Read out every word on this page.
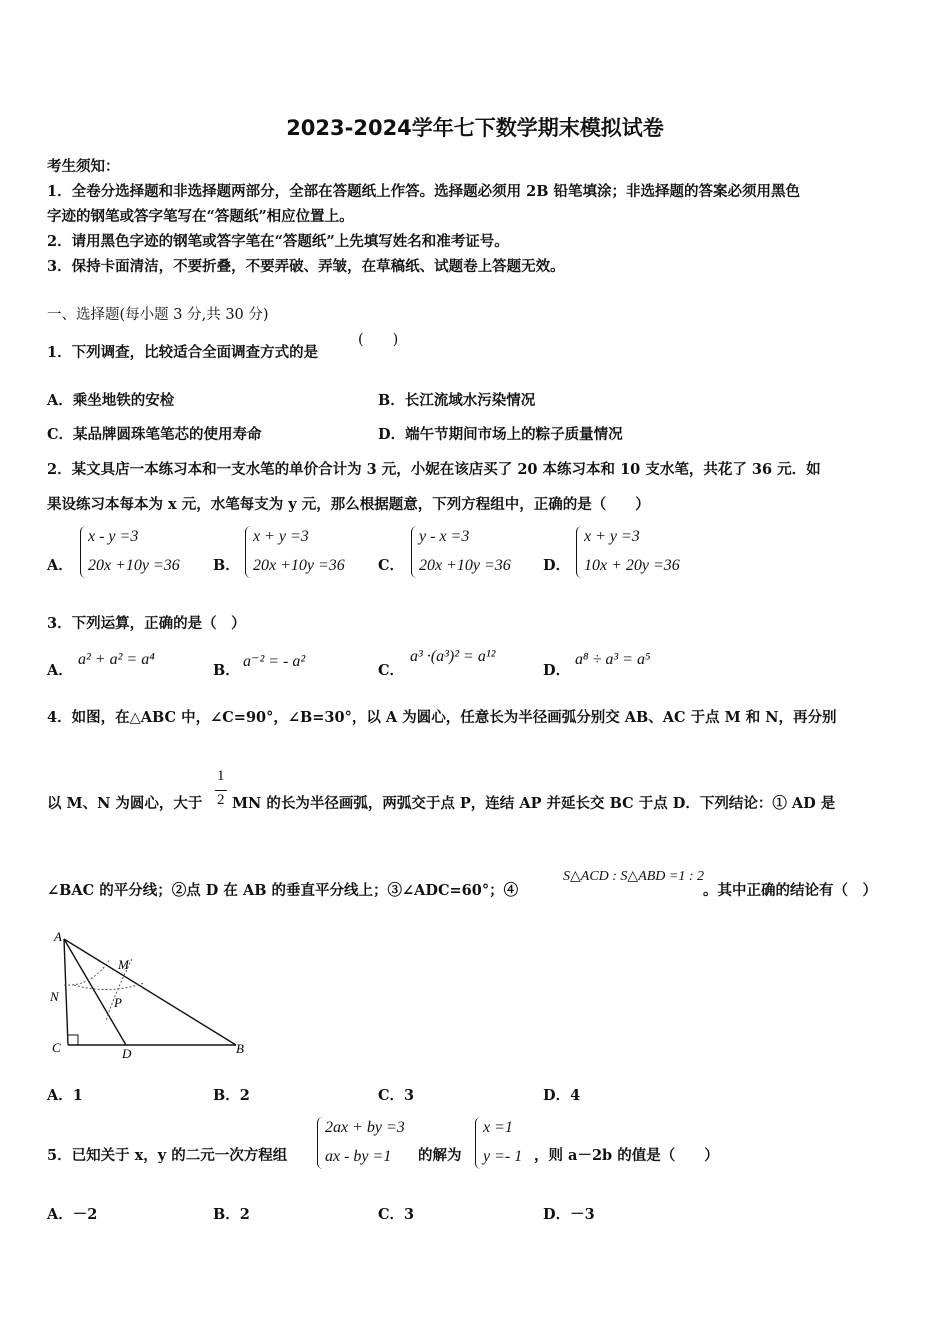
2023-2024学年七下数学期末模拟试卷
考生须知：
1．全卷分选择题和非选择题两部分，全部在答题纸上作答。选择题必须用 2B 铅笔填涂；非选择题的答案必须用黑色
字迹的钢笔或答字笔写在“答题纸”相应位置上。
2．请用黑色字迹的钢笔或答字笔在“答题纸”上先填写姓名和准考证号。
3．保持卡面清洁，不要折叠，不要弄破、弄皱，在草稿纸、试题卷上答题无效。
一、选择题(每小题 3 分,共 30 分)
1．下列调查，比较适合全面调查方式的是
(　　)
A．乘坐地铁的安检	B．长江流域水污染情况
C．某品牌圆珠笔笔芯的使用寿命	D．端午节期间市场上的粽子质量情况
2．某文具店一本练习本和一支水笔的单价合计为 3 元，小妮在该店买了 20 本练习本和 10 支水笔，共花了 36 元．如
果设练习本每本为 x 元，水笔每支为 y 元，那么根据题意，下列方程组中，正确的是（　　）
A．
x - y =3
20x +10y =36 B．
x + y =3
20x +10y =36 C．
y - x =3
20x +10y =36 D．
x + y =3
10x + 20y =36
3．下列运算，正确的是（　）
A．
a² + a² = a⁴
B．
a⁻² = - a²
C．
a³ ·(a³)² = a¹²
D．
a⁸ ÷ a³ = a⁵
4．如图，在△ABC 中，∠C=90°，∠B=30°，以 A 为圆心，任意长为半径画弧分别交 AB、AC 于点 M 和 N，再分别
以 M、N 为圆心，大于
1
2 MN 的长为半径画弧，两弧交于点 P，连结 AP 并延长交 BC 于点 D．下列结论：① AD 是
∠BAC 的平分线；②点 D 在 AB 的垂直平分线上；③∠ADC=60°；④
S△ACD : S△ABD =1 : 2
。其中正确的结论有（　）
A
M
N	P
C	D	B
A．1	B．2	C．3	D．4
5．已知关于 x，y 的二元一次方程组
2ax + by =3
ax - by =1 的解为
x =1
y =- 1 ，则 a－2b 的值是（　　）
A．－2	B．2	C．3	D．－3
